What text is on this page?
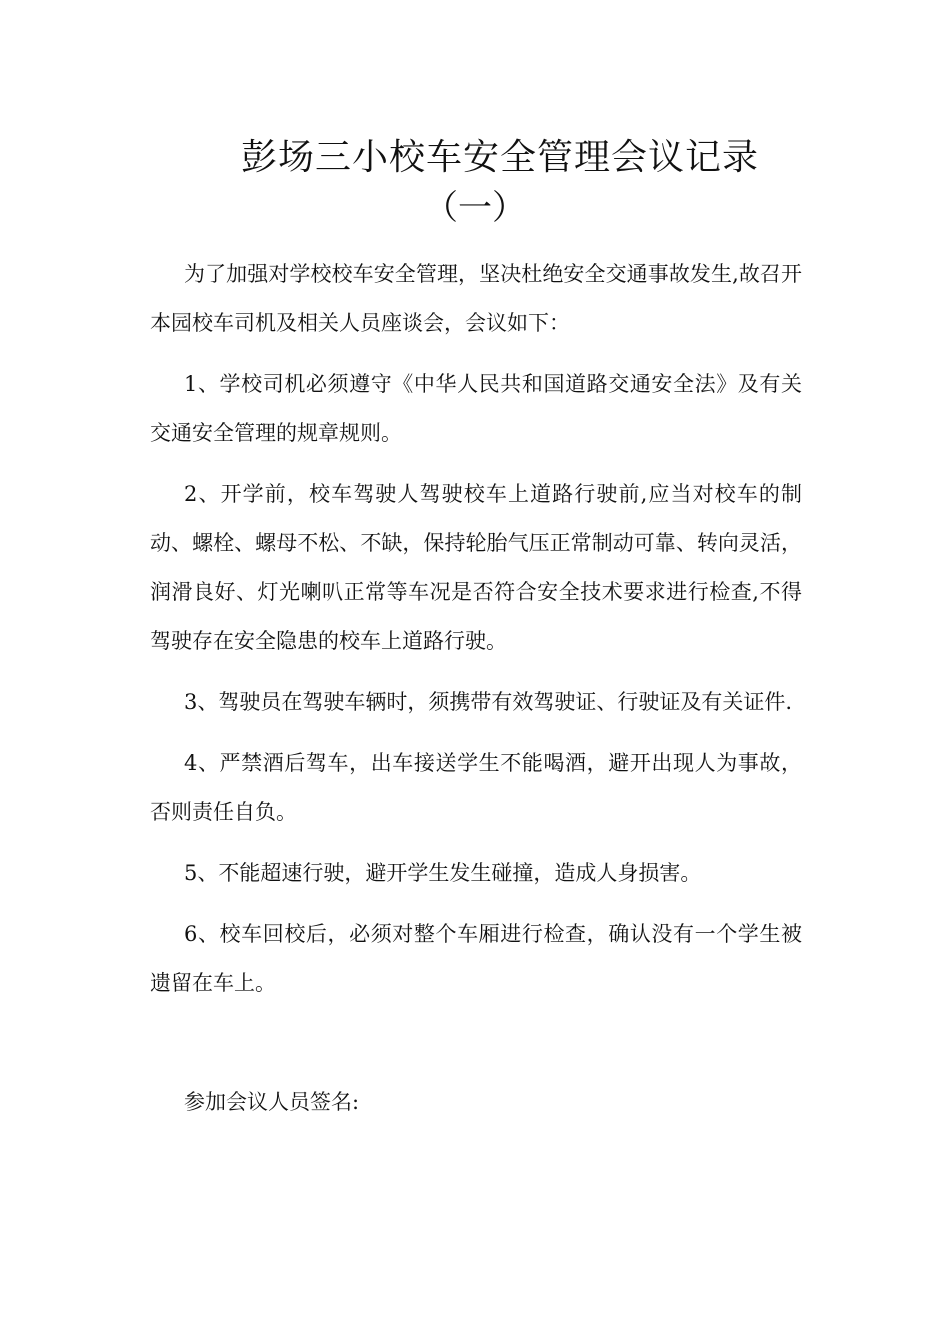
彭场三小校车安全管理会议记录
（一）

为了加强对学校校车安全管理，坚决杜绝安全交通事故发生,故召开本园校车司机及相关人员座谈会，会议如下：

1、学校司机必须遵守《中华人民共和国道路交通安全法》及有关交通安全管理的规章规则。

2、开学前，校车驾驶人驾驶校车上道路行驶前,应当对校车的制动、螺栓、螺母不松、不缺，保持轮胎气压正常制动可靠、转向灵活，润滑良好、灯光喇叭正常等车况是否符合安全技术要求进行检查,不得驾驶存在安全隐患的校车上道路行驶。

3、驾驶员在驾驶车辆时，须携带有效驾驶证、行驶证及有关证件.

4、严禁酒后驾车，出车接送学生不能喝酒，避开出现人为事故，否则责任自负。

5、不能超速行驶，避开学生发生碰撞，造成人身损害。

6、校车回校后，必须对整个车厢进行检查，确认没有一个学生被遗留在车上。

参加会议人员签名:
